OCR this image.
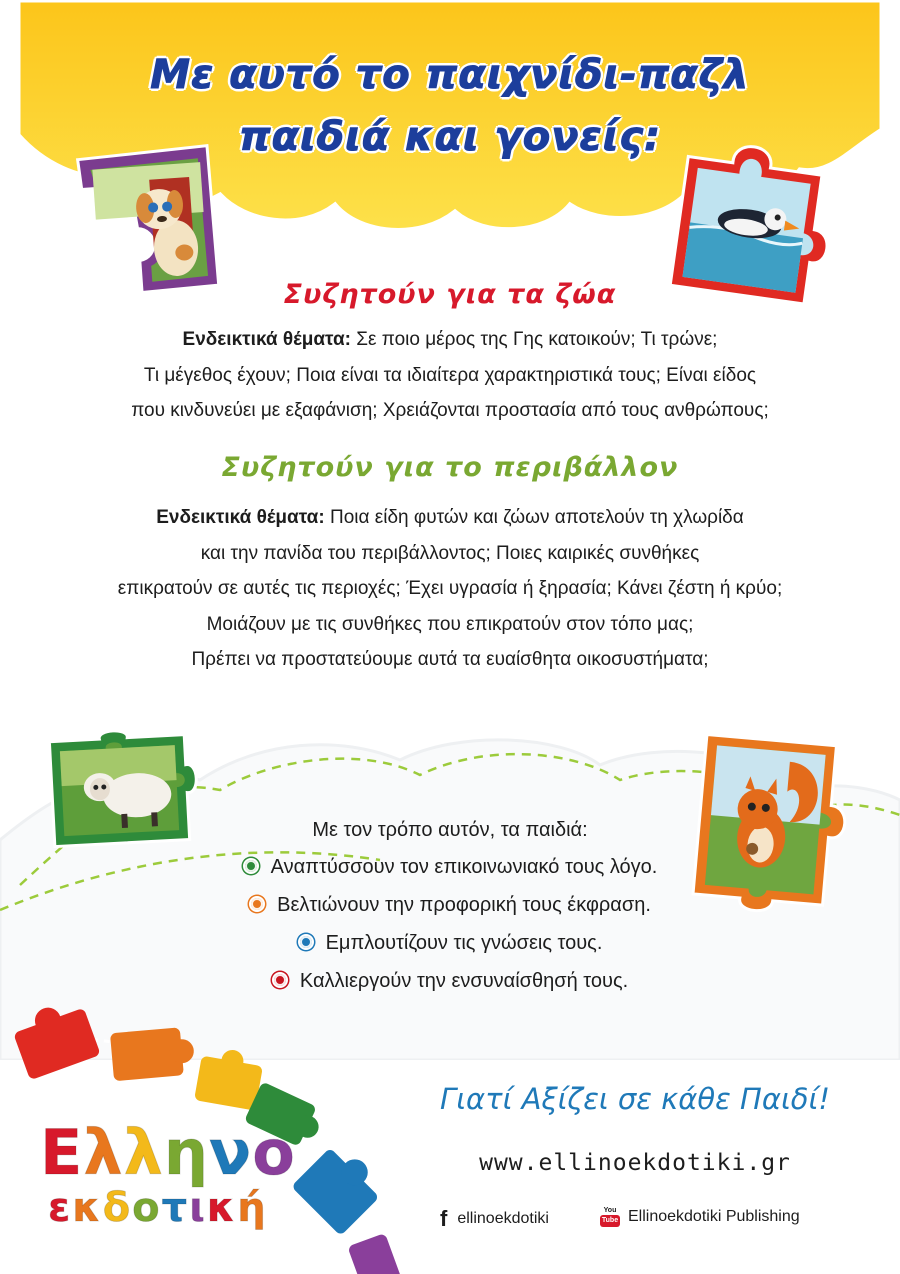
Με αυτό το παιχνίδι-παζλ
παιδιά και γονείς:
Συζητούν για τα ζώα
Ενδεικτικά θέματα: Σε ποιο μέρος της Γης κατοικούν; Τι τρώνε;
Τι μέγεθος έχουν; Ποια είναι τα ιδιαίτερα χαρακτηριστικά τους; Είναι είδος
που κινδυνεύει με εξαφάνιση; Χρειάζονται προστασία από τους ανθρώπους;
Συζητούν για το περιβάλλον
Ενδεικτικά θέματα: Ποια είδη φυτών και ζώων αποτελούν τη χλωρίδα
και την πανίδα του περιβάλλοντος; Ποιες καιρικές συνθήκες
επικρατούν σε αυτές τις περιοχές; Έχει υγρασία ή ξηρασία; Κάνει ζέστη ή κρύο;
Μοιάζουν με τις συνθήκες που επικρατούν στον τόπο μας;
Πρέπει να προστατεύουμε αυτά τα ευαίσθητα οικοσυστήματα;
Με τον τρόπο αυτόν, τα παιδιά:
Αναπτύσσουν τον επικοινωνιακό τους λόγο.
Βελτιώνουν την προφορική τους έκφραση.
Εμπλουτίζουν τις γνώσεις τους.
Καλλιεργούν την ενσυναίσθησή τους.
Ελληνο
εκδοτική
Γιατί Αξίζει σε κάθε Παιδί!
www.ellinoekdotiki.gr
f ellinoekdotiki	You
Tube Ellinoekdotiki Publishing
